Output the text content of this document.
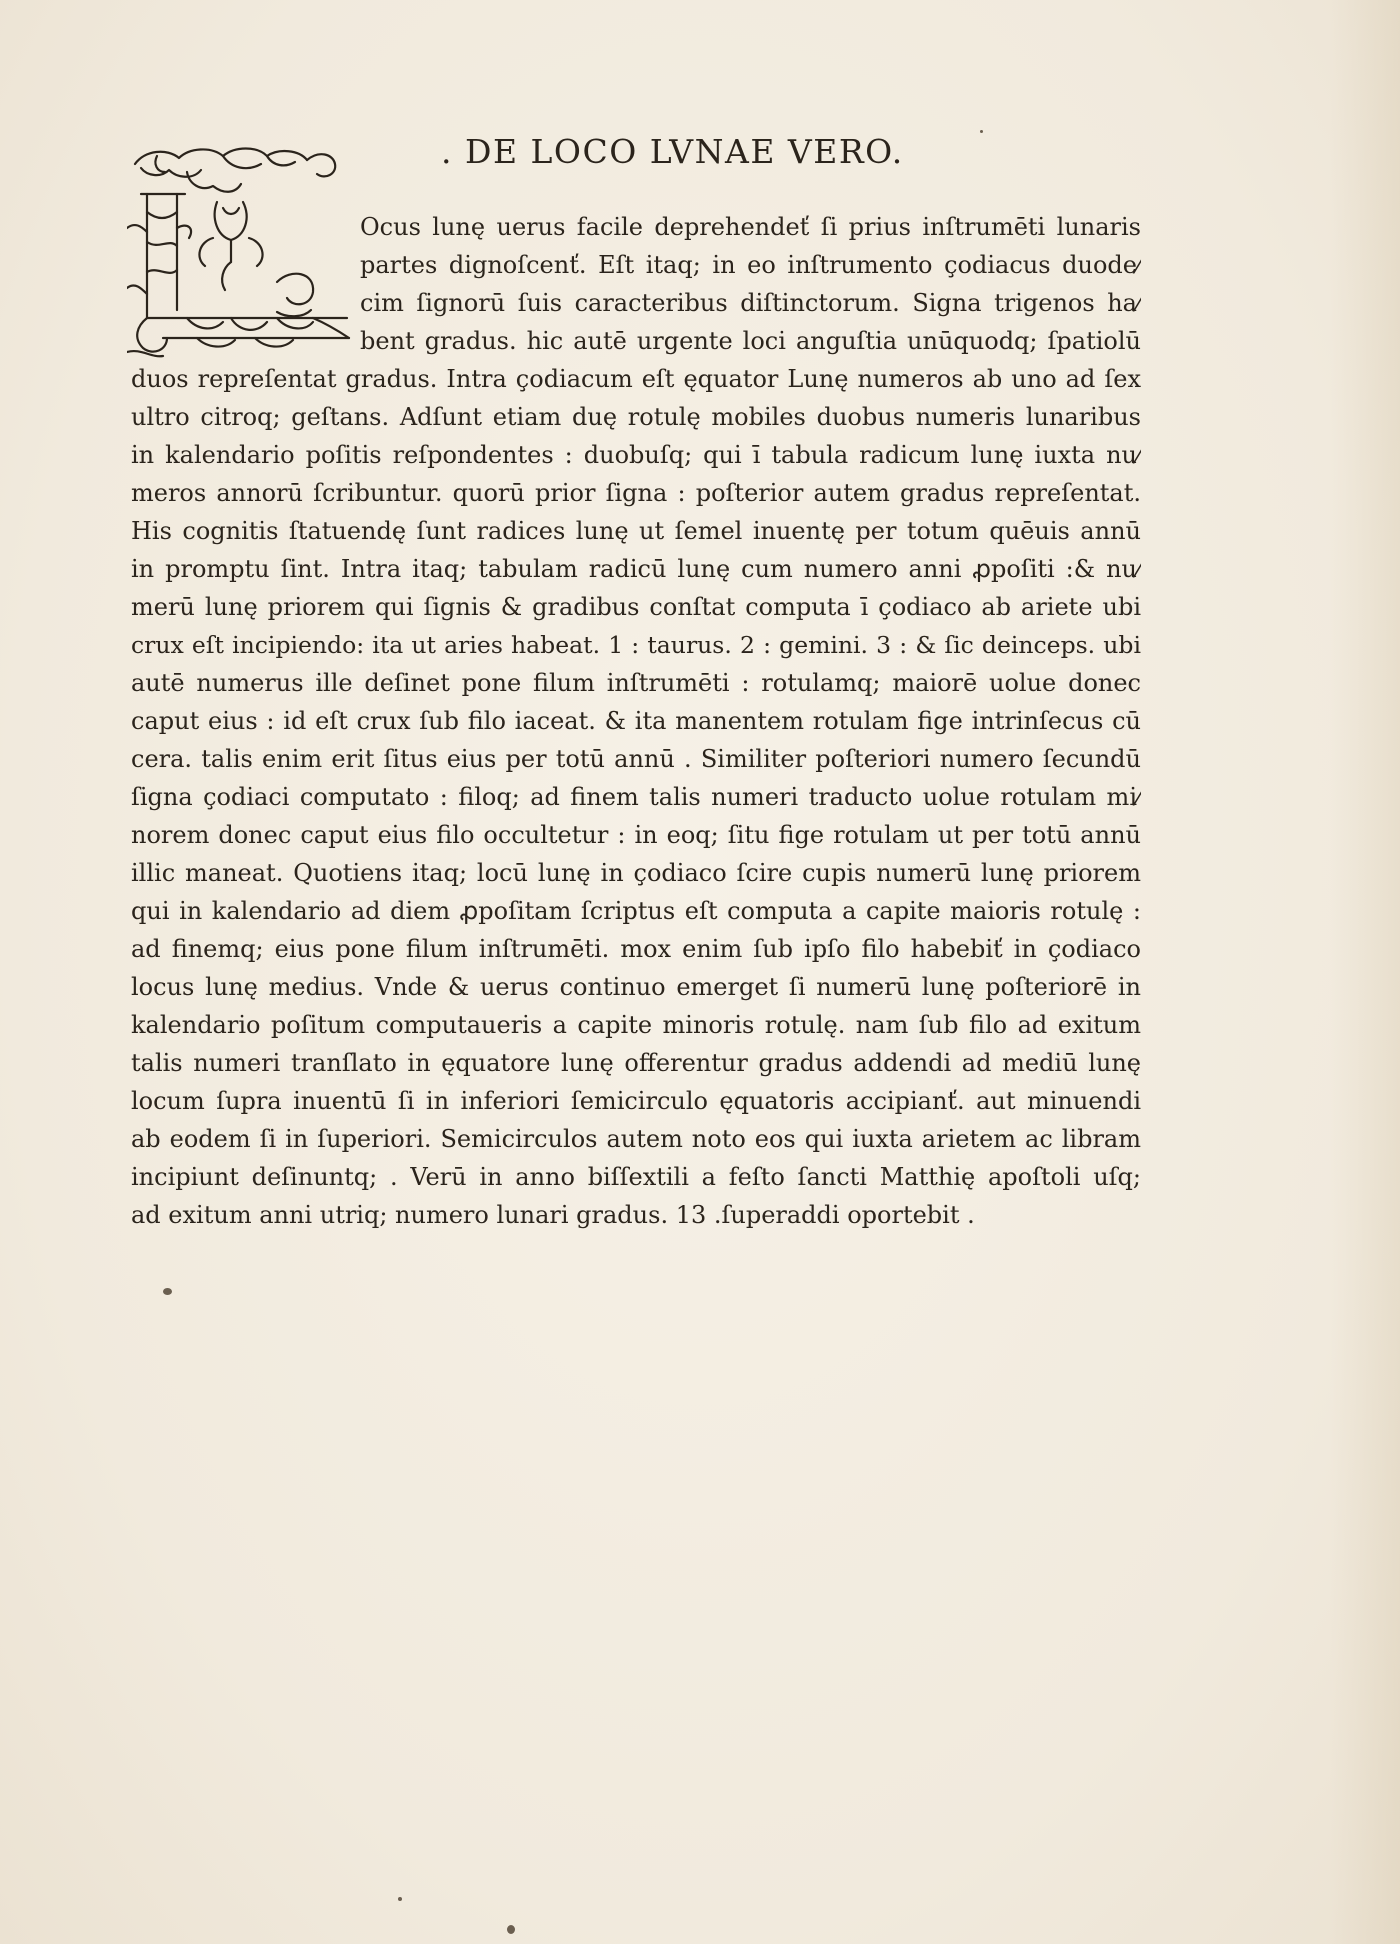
. DE LOCO LVNAE VERO.
Ocus lunę uerus facile deprehendeť ſi prius inſtrumēti lunaris
partes dignoſcenť. Eſt itaq; in eo inſtrumento çodiacus duode⁄
cim ſignorū ſuis caracteribus diſtinctorum. Signa trigenos ha⁄
bent gradus. hic autē urgente loci anguſtia unūquodq; ſpatiolū
duos repreſentat gradus. Intra çodiacum eſt ęquator Lunę numeros ab uno ad ſex
ultro citroq; geſtans. Adſunt etiam duę rotulę mobiles duobus numeris lunaribus
in kalendario poſitis reſpondentes : duobuſq; qui ī tabula radicum lunę iuxta nu⁄
meros annorū ſcribuntur. quorū prior ſigna : poſterior autem gradus repreſentat.
His cognitis ſtatuendę ſunt radices lunę ut ſemel inuentę per totum quēuis annū
in promptu ſint. Intra itaq; tabulam radicū lunę cum numero anni ꝓpoſiti :& nu⁄
merū lunę priorem qui ſignis & gradibus conſtat computa ī çodiaco ab ariete ubi
crux eſt incipiendo: ita ut aries habeat. 1 : taurus. 2 : gemini. 3 : & ſic deinceps. ubi
autē numerus ille deſinet pone filum inſtrumēti : rotulamq; maiorē uolue donec
caput eius : id eſt crux ſub filo iaceat. & ita manentem rotulam fige intrinſecus cū
cera. talis enim erit ſitus eius per totū annū . Similiter poſteriori numero ſecundū
ſigna çodiaci computato : filoq; ad finem talis numeri traducto uolue rotulam mi⁄
norem donec caput eius filo occultetur : in eoq; ſitu fige rotulam ut per totū annū
illic maneat. Quotiens itaq; locū lunę in çodiaco ſcire cupis numerū lunę priorem
qui in kalendario ad diem ꝓpoſitam ſcriptus eſt computa a capite maioris rotulę :
ad finemq; eius pone filum inſtrumēti. mox enim ſub ipſo filo habebiť in çodiaco
locus lunę medius. Vnde & uerus continuo emerget ſi numerū lunę poſteriorē in
kalendario poſitum computaueris a capite minoris rotulę. nam ſub filo ad exitum
talis numeri tranſlato in ęquatore lunę offerentur gradus addendi ad mediū lunę
locum ſupra inuentū ſi in inferiori ſemicirculo ęquatoris accipianť. aut minuendi
ab eodem ſi in ſuperiori. Semicirculos autem noto eos qui iuxta arietem ac libram
incipiunt deſinuntq; . Verū in anno biſſextili a feſto ſancti Matthię apoſtoli uſq;
ad exitum anni utriq; numero lunari gradus. 13 .ſuperaddi oportebit .
